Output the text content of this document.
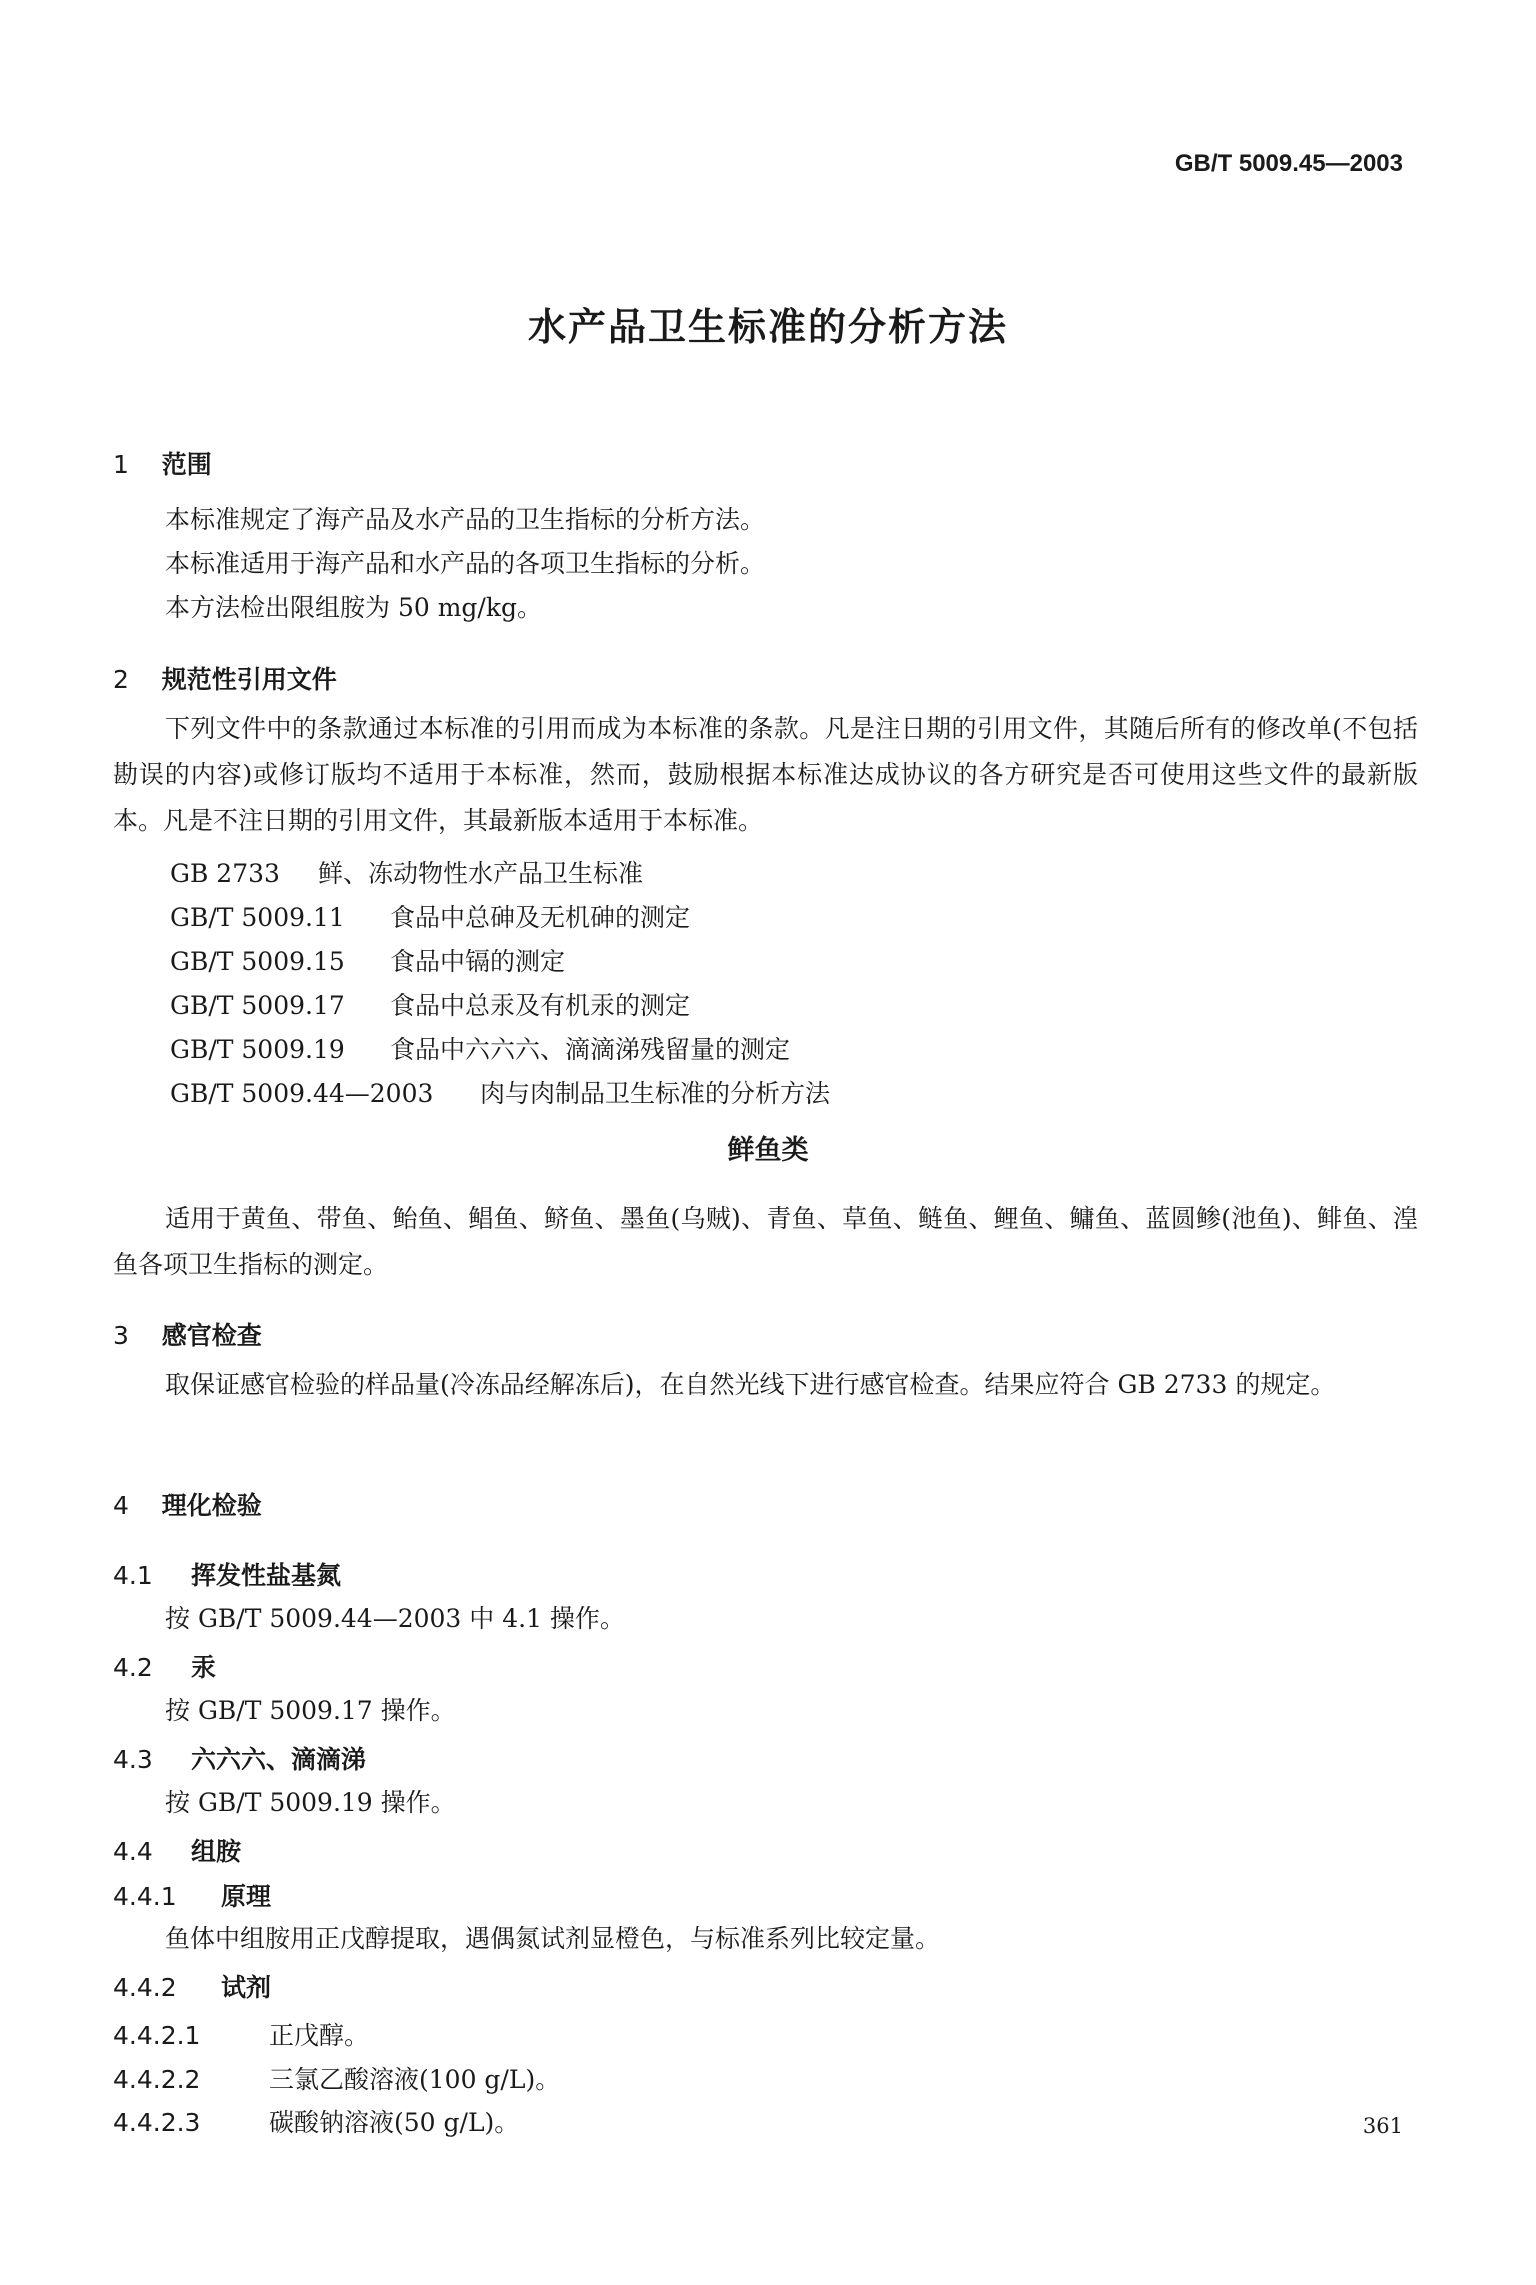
GB/T 5009.45—2003
水产品卫生标准的分析方法
1 范围
本标准规定了海产品及水产品的卫生指标的分析方法。
本标准适用于海产品和水产品的各项卫生指标的分析。
本方法检出限组胺为 50 mg/kg。
2 规范性引用文件
下列文件中的条款通过本标准的引用而成为本标准的条款。凡是注日期的引用文件，其随后所有的修改单(不包括勘误的内容)或修订版均不适用于本标准，然而，鼓励根据本标准达成协议的各方研究是否可使用这些文件的最新版本。凡是不注日期的引用文件，其最新版本适用于本标准。
GB 2733 鲜、冻动物性水产品卫生标准
GB/T 5009.11 食品中总砷及无机砷的测定
GB/T 5009.15 食品中镉的测定
GB/T 5009.17 食品中总汞及有机汞的测定
GB/T 5009.19 食品中六六六、滴滴涕残留量的测定
GB/T 5009.44—2003 肉与肉制品卫生标准的分析方法
鲜鱼类
适用于黄鱼、带鱼、鲐鱼、鲳鱼、鲚鱼、墨鱼(乌贼)、青鱼、草鱼、鲢鱼、鲤鱼、鳙鱼、蓝圆鲹(池鱼)、鲱鱼、湟鱼各项卫生指标的测定。
3 感官检查
取保证感官检验的样品量(冷冻品经解冻后)，在自然光线下进行感官检查。结果应符合 GB 2733 的规定。
4 理化检验
4.1 挥发性盐基氮
按 GB/T 5009.44—2003 中 4.1 操作。
4.2 汞
按 GB/T 5009.17 操作。
4.3 六六六、滴滴涕
按 GB/T 5009.19 操作。
4.4 组胺
4.4.1 原理
鱼体中组胺用正戊醇提取，遇偶氮试剂显橙色，与标准系列比较定量。
4.4.2 试剂
4.4.2.1	正戊醇。
4.4.2.2	三氯乙酸溶液(100 g/L)。
4.4.2.3	碳酸钠溶液(50 g/L)。	361
